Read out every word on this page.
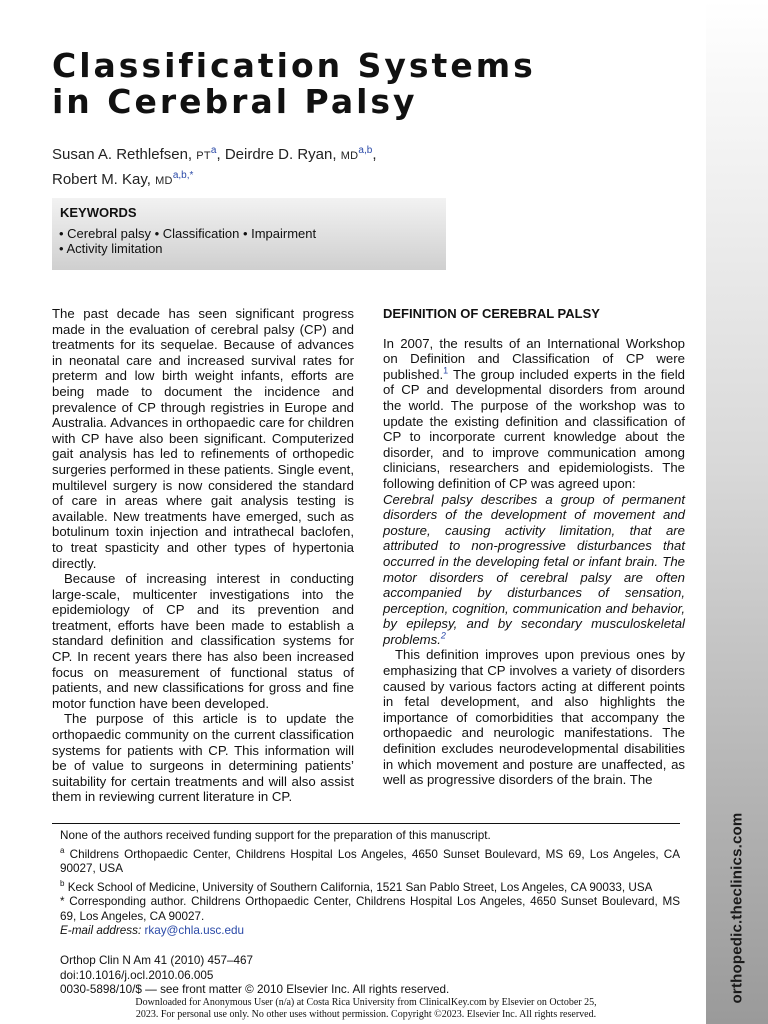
orthopedic.theclinics.com
Classification Systems
in Cerebral Palsy
Susan A. Rethlefsen, $PT^a$, Deirdre D. Ryan, MD$^{a,b}$,
Robert M. Kay, $MD^{a,b,*}$
KEYWORDS
• Cerebral palsy • Classification • Impairment
• Activity limitation

The past decade has seen significant progress made in the evaluation of cerebral palsy (CP) and treatments for its sequelae. Because of advances in neonatal care and increased survival rates for preterm and low birth weight infants, efforts are being made to document the incidence and prevalence of CP through registries in Europe and Australia. Advances in orthopaedic care for children with CP have also been significant. Computerized gait analysis has led to refinements of orthopedic surgeries performed in these patients. Single event, multilevel surgery is now considered the standard of care in areas where gait analysis testing is available. New treatments have emerged, such as botulinum toxin injection and intrathecal baclofen, to treat spasticity and other types of hypertonia directly.

Because of increasing interest in conducting large-scale, multicenter investigations into the epidemiology of CP and its prevention and treatment, efforts have been made to establish a standard definition and classification systems for CP. In recent years there has also been increased focus on measurement of functional status of patients, and new classifications for gross and fine motor function have been developed.

The purpose of this article is to update the orthopaedic community on the current classification systems for patients with CP. This information will be of value to surgeons in determining patients’ suitability for certain treatments and will also assist them in reviewing current literature in CP.

DEFINITION OF CEREBRAL PALSY

In 2007, the results of an International Workshop on Definition and Classification of CP were published.$^1$ The group included experts in the field of CP and developmental disorders from around the world. The purpose of the workshop was to update the existing definition and classification of CP to incorporate current knowledge about the disorder, and to improve communication among clinicians, researchers and epidemiologists. The following definition of CP was agreed upon:

Cerebral palsy describes a group of permanent disorders of the development of movement and posture, causing activity limitation, that are attributed to non-progressive disturbances that occurred in the developing fetal or infant brain. The motor disorders of cerebral palsy are often accompanied by disturbances of sensation, perception, cognition, communication and behavior, by epilepsy, and by secondary musculoskeletal problems.$^2$

This definition improves upon previous ones by emphasizing that CP involves a variety of disorders caused by various factors acting at different points in fetal development, and also highlights the importance of comorbidities that accompany the orthopaedic and neurologic manifestations. The definition excludes neurodevelopmental disabilities in which movement and posture are unaffected, as well as progressive disorders of the brain. The

None of the authors received funding support for the preparation of this manuscript.

$^a$ Childrens Orthopaedic Center, Childrens Hospital Los Angeles, 4650 Sunset Boulevard, MS 69, Los Angeles, CA 90027, USA

$^b$ Keck School of Medicine, University of Southern California, 1521 San Pablo Street, Los Angeles, CA 90033, USA

* Corresponding author. Childrens Orthopaedic Center, Childrens Hospital Los Angeles, 4650 Sunset Boulevard, MS 69, Los Angeles, CA 90027.

E-mail address: rkay@chla.usc.edu

Orthop Clin N Am 41 (2010) 457–467
doi:10.1016/j.ocl.2010.06.005
0030-5898/10/$ — see front matter © 2010 Elsevier Inc. All rights reserved.
Downloaded for Anonymous User (n/a) at Costa Rica University from ClinicalKey.com by Elsevier on October 25,
2023. For personal use only. No other uses without permission. Copyright ©2023. Elsevier Inc. All rights reserved.
